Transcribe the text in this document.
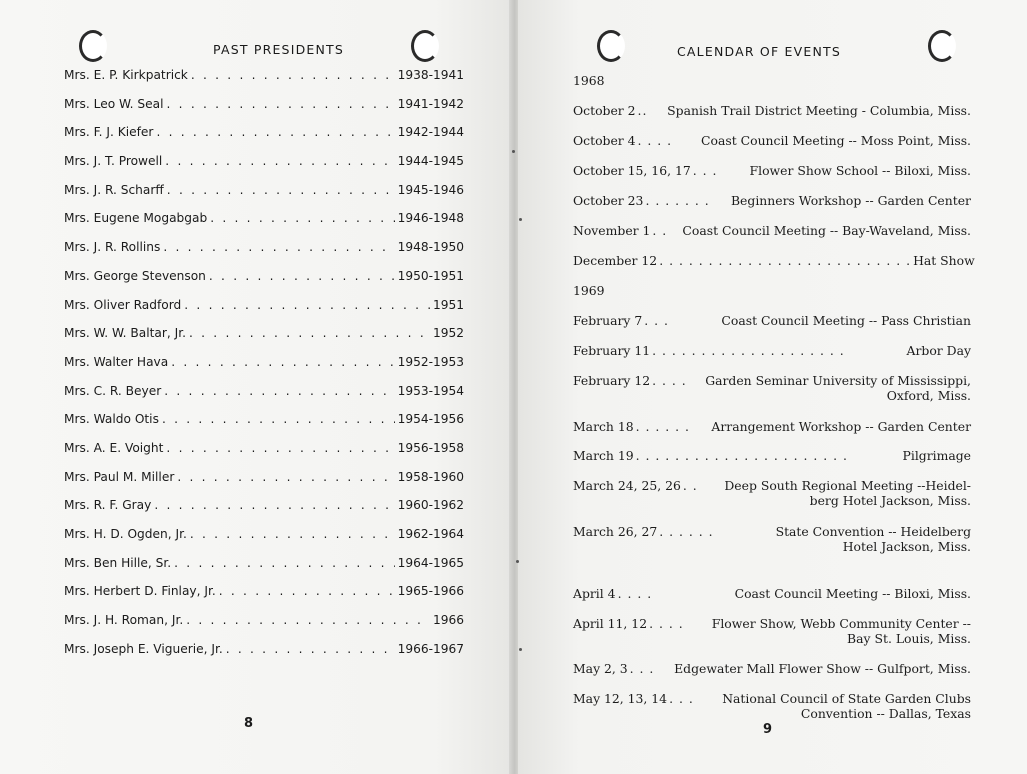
PAST PRESIDENTS
Mrs. E. P. Kirkpatrick . . .	1938-1941
Mrs. Leo W. Seal . . .	1941-1942
Mrs. F. J. Kiefer . . .	1942-1944
Mrs. J. T. Prowell . . .	1944-1945
Mrs. J. R. Scharff . . .	1945-1946
Mrs. Eugene Mogabgab . . .	1946-1948
Mrs. J. R. Rollins . . .	1948-1950
Mrs. George Stevenson . . .	1950-1951
Mrs. Oliver Radford . . .	1951
Mrs. W. W. Baltar, Jr. . . .	1952
Mrs. Walter Hava . . .	1952-1953
Mrs. C. R. Beyer . . .	1953-1954
Mrs. Waldo Otis . . .	1954-1956
Mrs. A. E. Voight . . .	1956-1958
Mrs. Paul M. Miller . . .	1958-1960
Mrs. R. F. Gray . . .	1960-1962
Mrs. H. D. Ogden, Jr. . . .	1962-1964
Mrs. Ben Hille, Sr. . . .	1964-1965
Mrs. Herbert D. Finlay, Jr. . . .	1965-1966
Mrs. J. H. Roman, Jr. . . .	1966
Mrs. Joseph E. Viguerie, Jr. . . .	1966-1967
8
CALENDAR OF EVENTS
1968
October 2 ..	Spanish Trail District Meeting - Columbia, Miss.
October 4 . . . .	Coast Council Meeting -- Moss Point, Miss.
October 15, 16, 17 . . .	Flower Show School -- Biloxi, Miss.
October 23 . . . . . . .	Beginners Workshop -- Garden Center
November 1 . .	Coast Council Meeting -- Bay-Waveland, Miss.
December 12 . . . . . . . . . . . . . . . . . . . . . . . . . . Hat Show
1969
February 7 . . .	Coast Council Meeting -- Pass Christian
February 11 . . . . . . . . . . . . . . . . . . . .	Arbor Day
February 12 . . . .	Garden Seminar University of Mississippi,
Oxford, Miss.
March 18 . . . . . .	Arrangement Workshop -- Garden Center
March 19 . . . . . . . . . . . . . . . . . . . . . .	Pilgrimage
March 24, 25, 26 . .	Deep South Regional Meeting --Heidel-
berg Hotel Jackson, Miss.
March 26, 27 . . . . . .	State Convention -- Heidelberg
Hotel Jackson, Miss.
April 4 . . . .	Coast Council Meeting -- Biloxi, Miss.
April 11, 12 . . . .	Flower Show, Webb Community Center --
Bay St. Louis, Miss.
May 2, 3 . . .	Edgewater Mall Flower Show -- Gulfport, Miss.
May 12, 13, 14 . . .	National Council of State Garden Clubs
Convention -- Dallas, Texas
9
